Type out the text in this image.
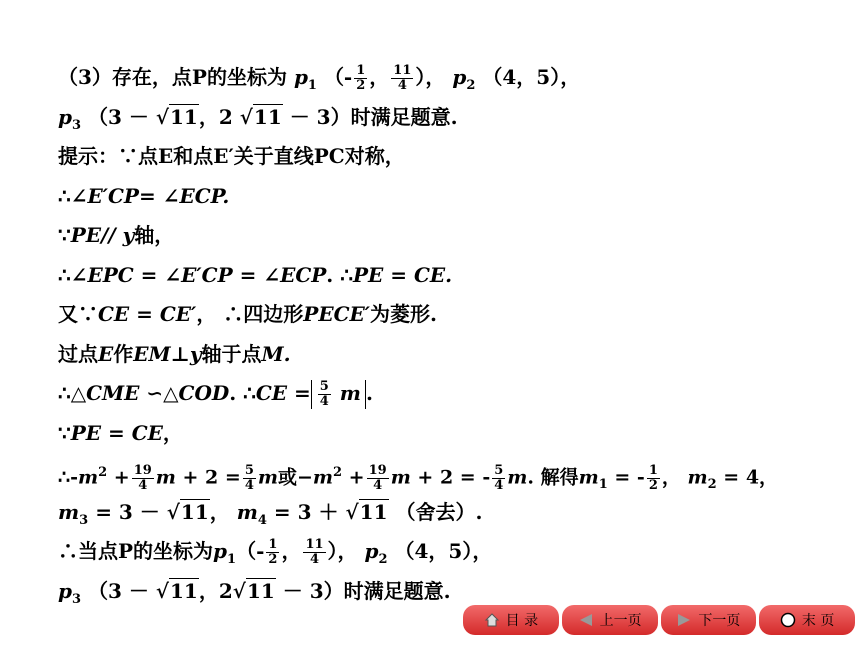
（3）存在，点P的坐标为 $p_1$ （- $\frac{1}{2}$ ， $\frac{11}{4}$ ）， $p_2$ （4，5），
$p_3$ （3 － √11，2 √11 － 3）时满足题意.
提示：∵点E和点E′关于直线PC对称，
∴∠E′CP= ∠ECP.
∵PE// y轴，
∴∠EPC = ∠E′CP = ∠ECP. ∴PE = CE.
又∵CE = CE′， ∴四边形PECE′为菱形.
过点E作EM⊥y轴于点M.
∴△CME ∽△COD. ∴CE = $\frac{5}{4}$ m .
∵PE = CE，
$\therefore-m^2 + \frac{19}{4}$ $m + 2 = \frac{5}{4}$ m或$-m^2 + \frac{19}{4}$ m + 2 = - $\frac{5}{4} m$. 解得$m_1$ = - $\frac{1}{2}$ ， $m_2 = 4$，
$m_3 = 3 - √11$， $m_4 = 3 + √11$ （舍去）.
∴当点P的坐标为$p_1(- \frac{1}{2}$ ， $\frac{11}{4}$ ）， $p_2$ （4，5），
$p_3$ （3 － √11，2√11 － 3）时满足题意.
目 录	上一页	下一页	末 页
